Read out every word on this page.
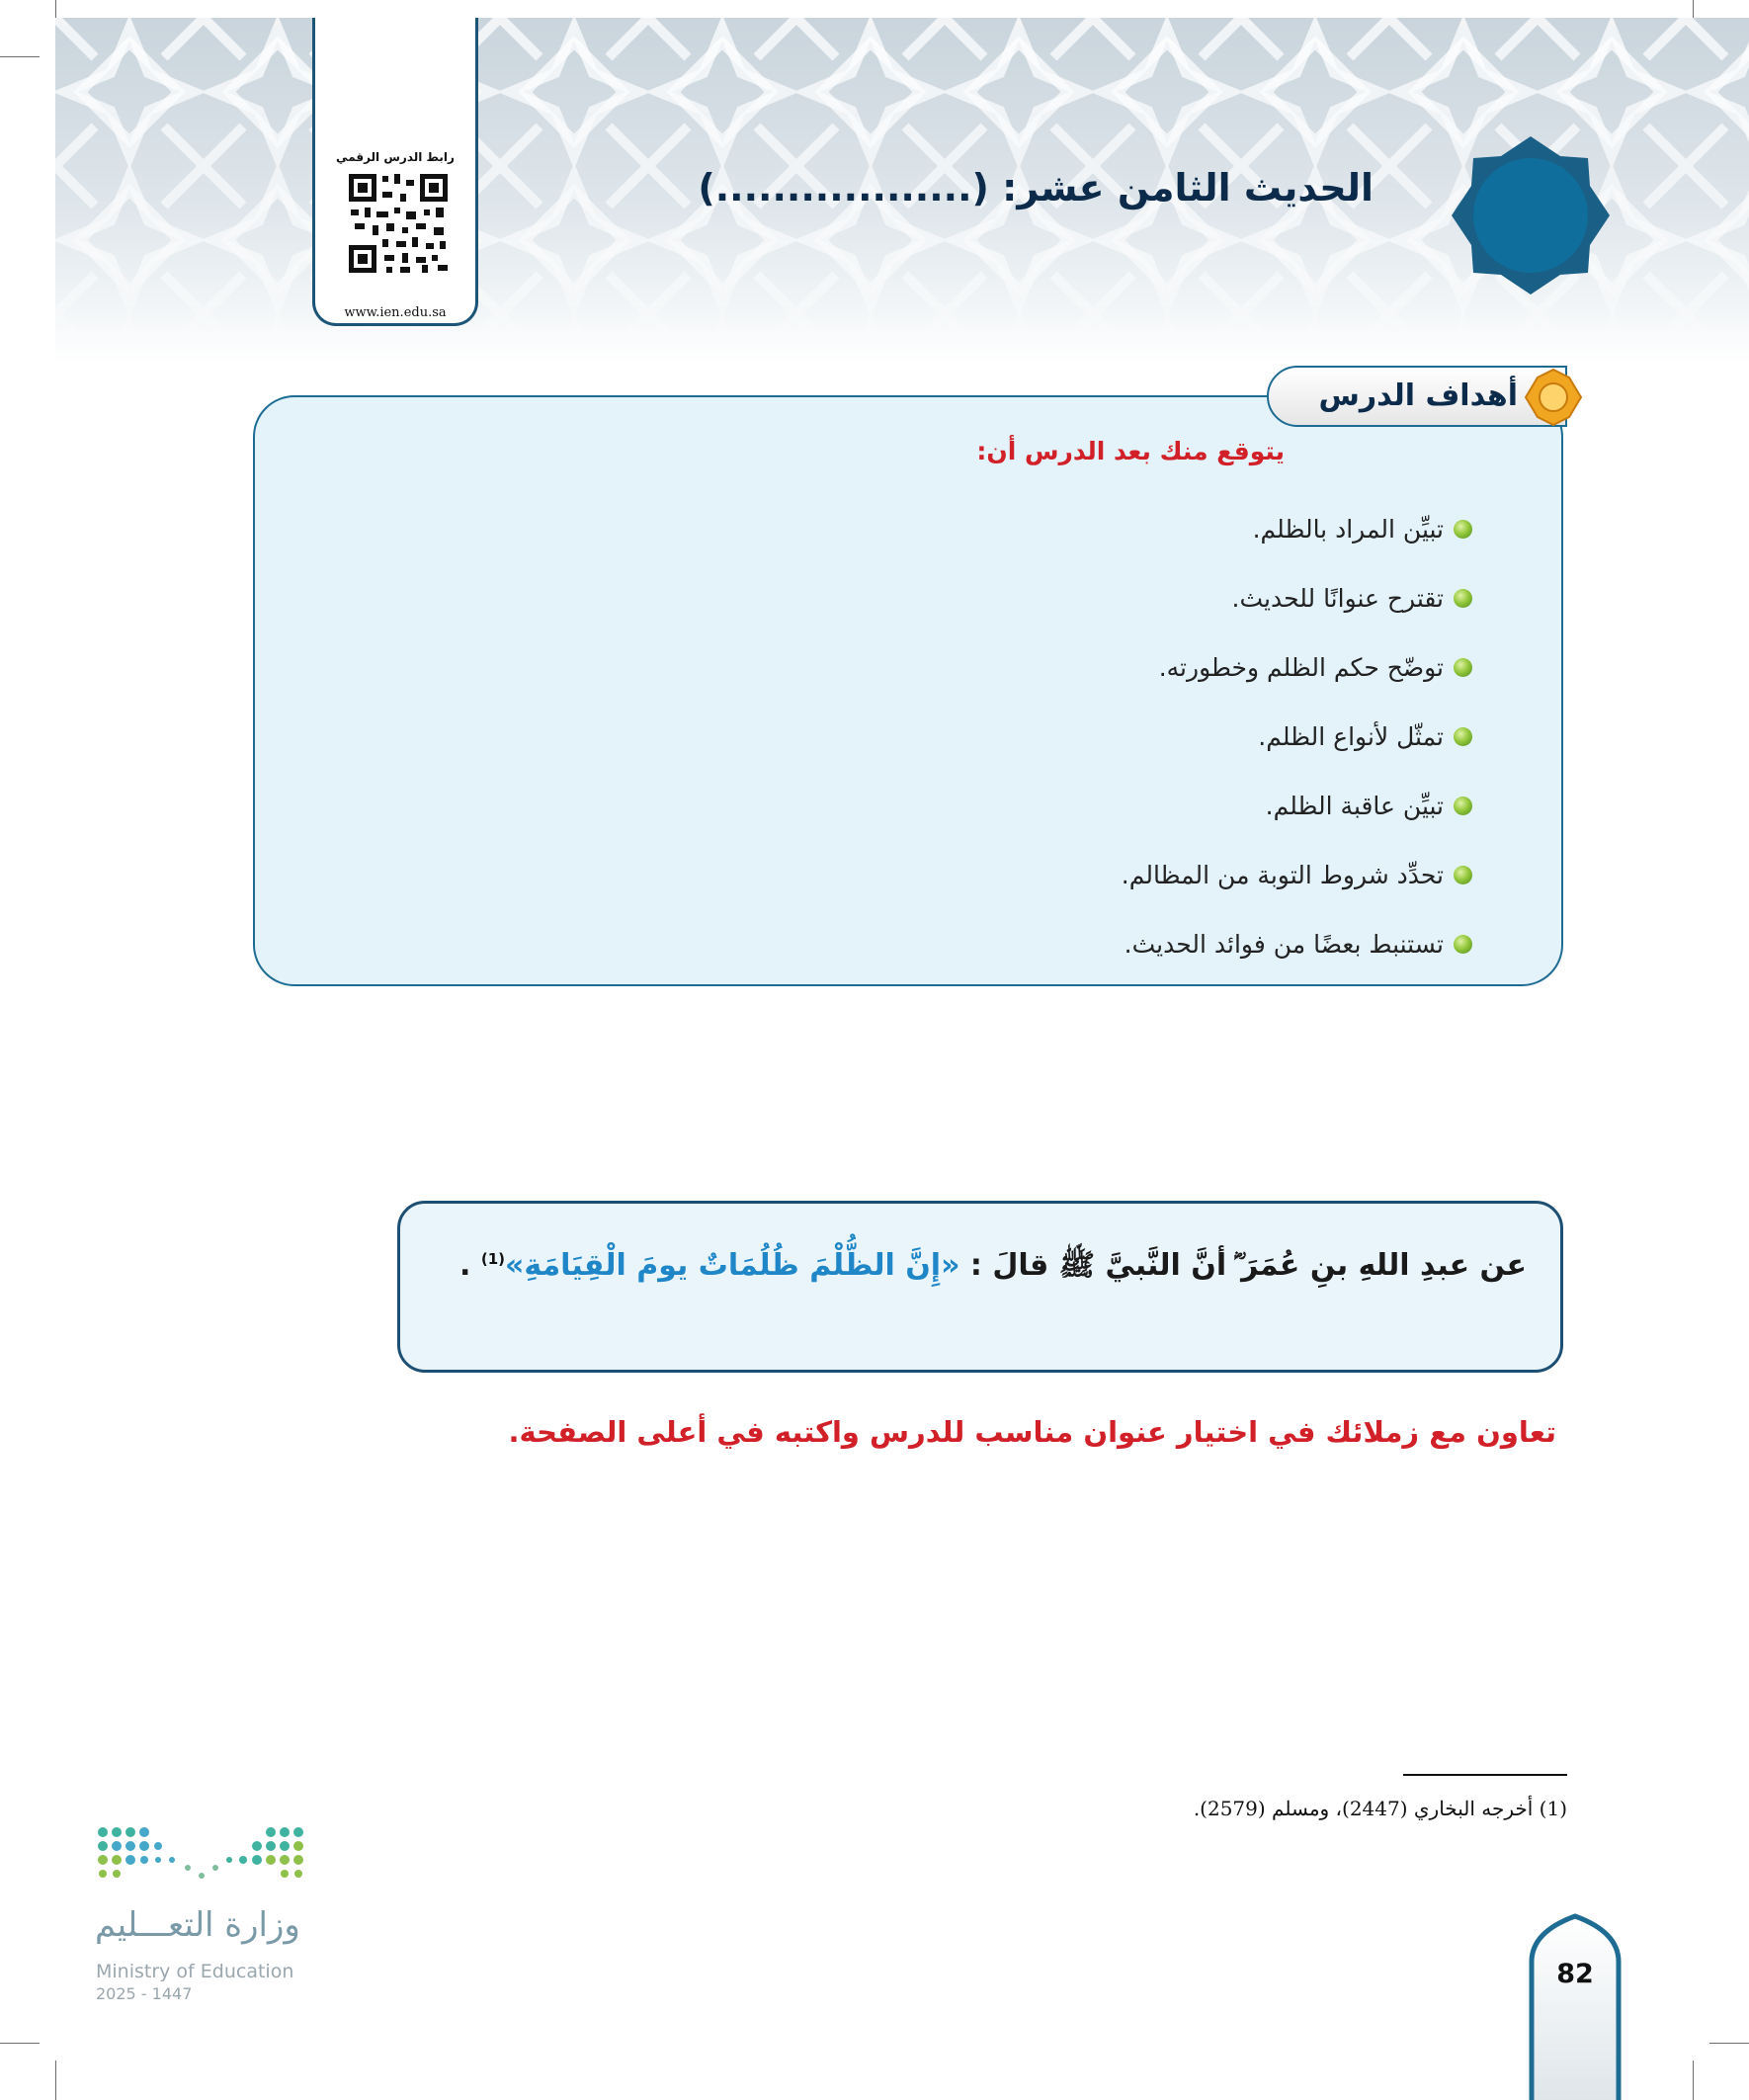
الحديث الثامن عشر: (..................)
رابط الدرس الرقمي
www.ien.edu.sa
أهداف الدرس
يتوقع منك بعد الدرس أن:
تبيِّن المراد بالظلم.
تقترح عنوانًا للحديث.
توضّح حكم الظلم وخطورته.
تمثّل لأنواع الظلم.
تبيِّن عاقبة الظلم.
تحدِّد شروط التوبة من المظالم.
تستنبط بعضًا من فوائد الحديث.
عن عبدِ اللهِ بنِ عُمَرَ ؓ أنَّ النَّبيَّ ﷺ قالَ : «إِنَّ الظُّلْمَ ظُلُمَاتٌ يومَ الْقِيَامَةِ»$^{(1)}$ .
تعاون مع زملائك في اختيار عنوان مناسب للدرس واكتبه في أعلى الصفحة.
(1) أخرجه البخاري (2447)، ومسلم (2579).
وزارة التعـــليم
Ministry of Education
2025 - 1447
82
